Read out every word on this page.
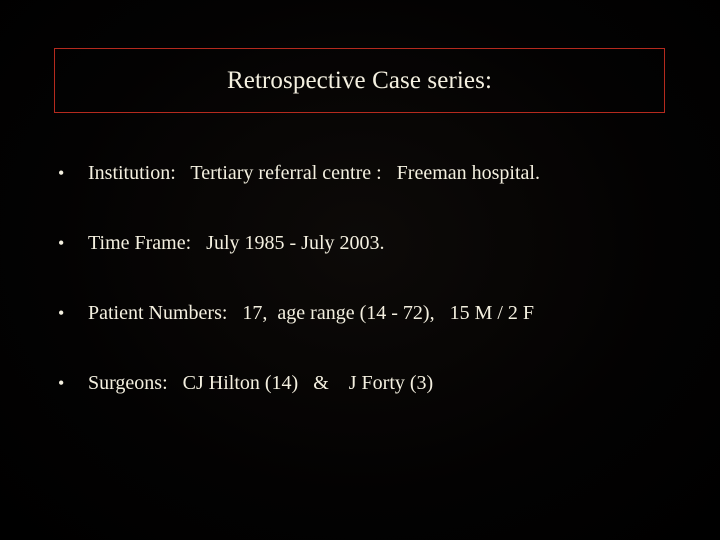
Retrospective Case series:
•	Institution:   Tertiary referral centre :   Freeman hospital.
•	Time Frame:   July 1985 - July 2003.
•	Patient Numbers:   17,  age range (14 - 72),   15 M / 2 F
•	Surgeons:   CJ Hilton (14)   &    J Forty (3)
